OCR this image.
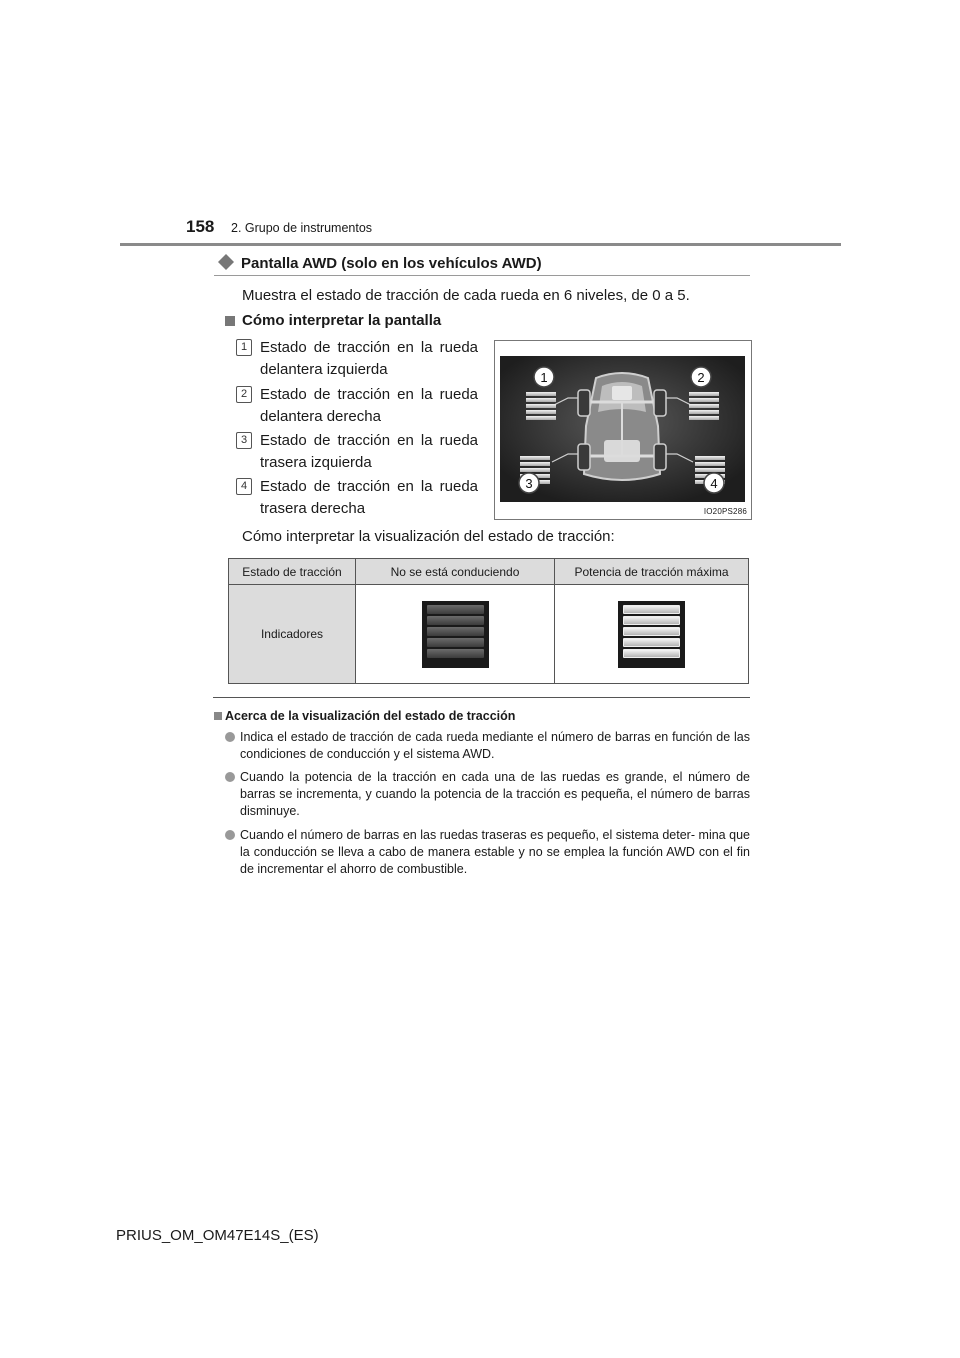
158 2. Grupo de instrumentos
Pantalla AWD (solo en los vehículos AWD)
Muestra el estado de tracción de cada rueda en 6 niveles, de 0 a 5.
Cómo interpretar la pantalla
1 Estado de tracción en la rueda delantera izquierda
2 Estado de tracción en la rueda delantera derecha
3 Estado de tracción en la rueda trasera izquierda
4 Estado de tracción en la rueda trasera derecha
1	2
3	4
IO20PS286
Cómo interpretar la visualización del estado de tracción:
Estado de tracción	No se está conduciendo	Potencia de tracción máxima
Indicadores	

Acerca de la visualización del estado de tracción
Indica el estado de tracción de cada rueda mediante el número de barras en función de las condiciones de conducción y el sistema AWD.
Cuando la potencia de la tracción en cada una de las ruedas es grande, el número de barras se incrementa, y cuando la potencia de la tracción es pequeña, el número de barras disminuye.
Cuando el número de barras en las ruedas traseras es pequeño, el sistema deter- mina que la conducción se lleva a cabo de manera estable y no se emplea la función AWD con el fin de incrementar el ahorro de combustible.
PRIUS_OM_OM47E14S_(ES)
